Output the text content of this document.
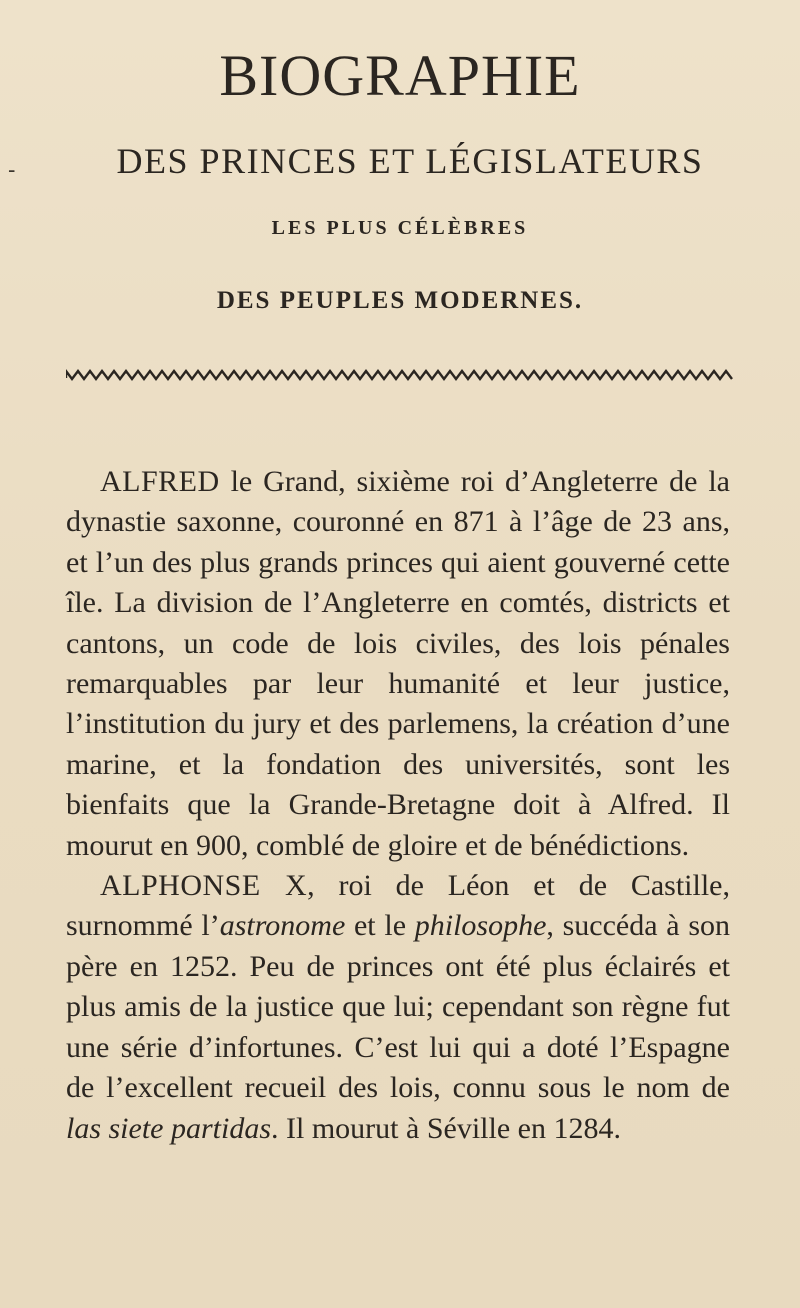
-
BIOGRAPHIE
DES PRINCES ET LÉGISLATEURS
LES PLUS CÉLÈBRES
DES PEUPLES MODERNES.

ALFRED le Grand, sixième roi d’Angleterre de la dynastie saxonne, couronné en 871 à l’âge de 23 ans, et l’un des plus grands princes qui aient gouverné cette île. La division de l’Angleterre en comtés, districts et cantons, un code de lois civiles, des lois pénales remarquables par leur humanité et leur justice, l’institution du jury et des parlemens, la création d’une marine, et la fondation des universités, sont les bienfaits que la Grande-Bretagne doit à Alfred. Il mourut en 900, comblé de gloire et de bénédictions.

ALPHONSE X, roi de Léon et de Castille, surnommé l’astronome et le philosophe, succéda à son père en 1252. Peu de princes ont été plus éclairés et plus amis de la justice que lui; cependant son règne fut une série d’infortunes. C’est lui qui a doté l’Espagne de l’excellent recueil des lois, connu sous le nom de las siete partidas. Il mourut à Séville en 1284.
